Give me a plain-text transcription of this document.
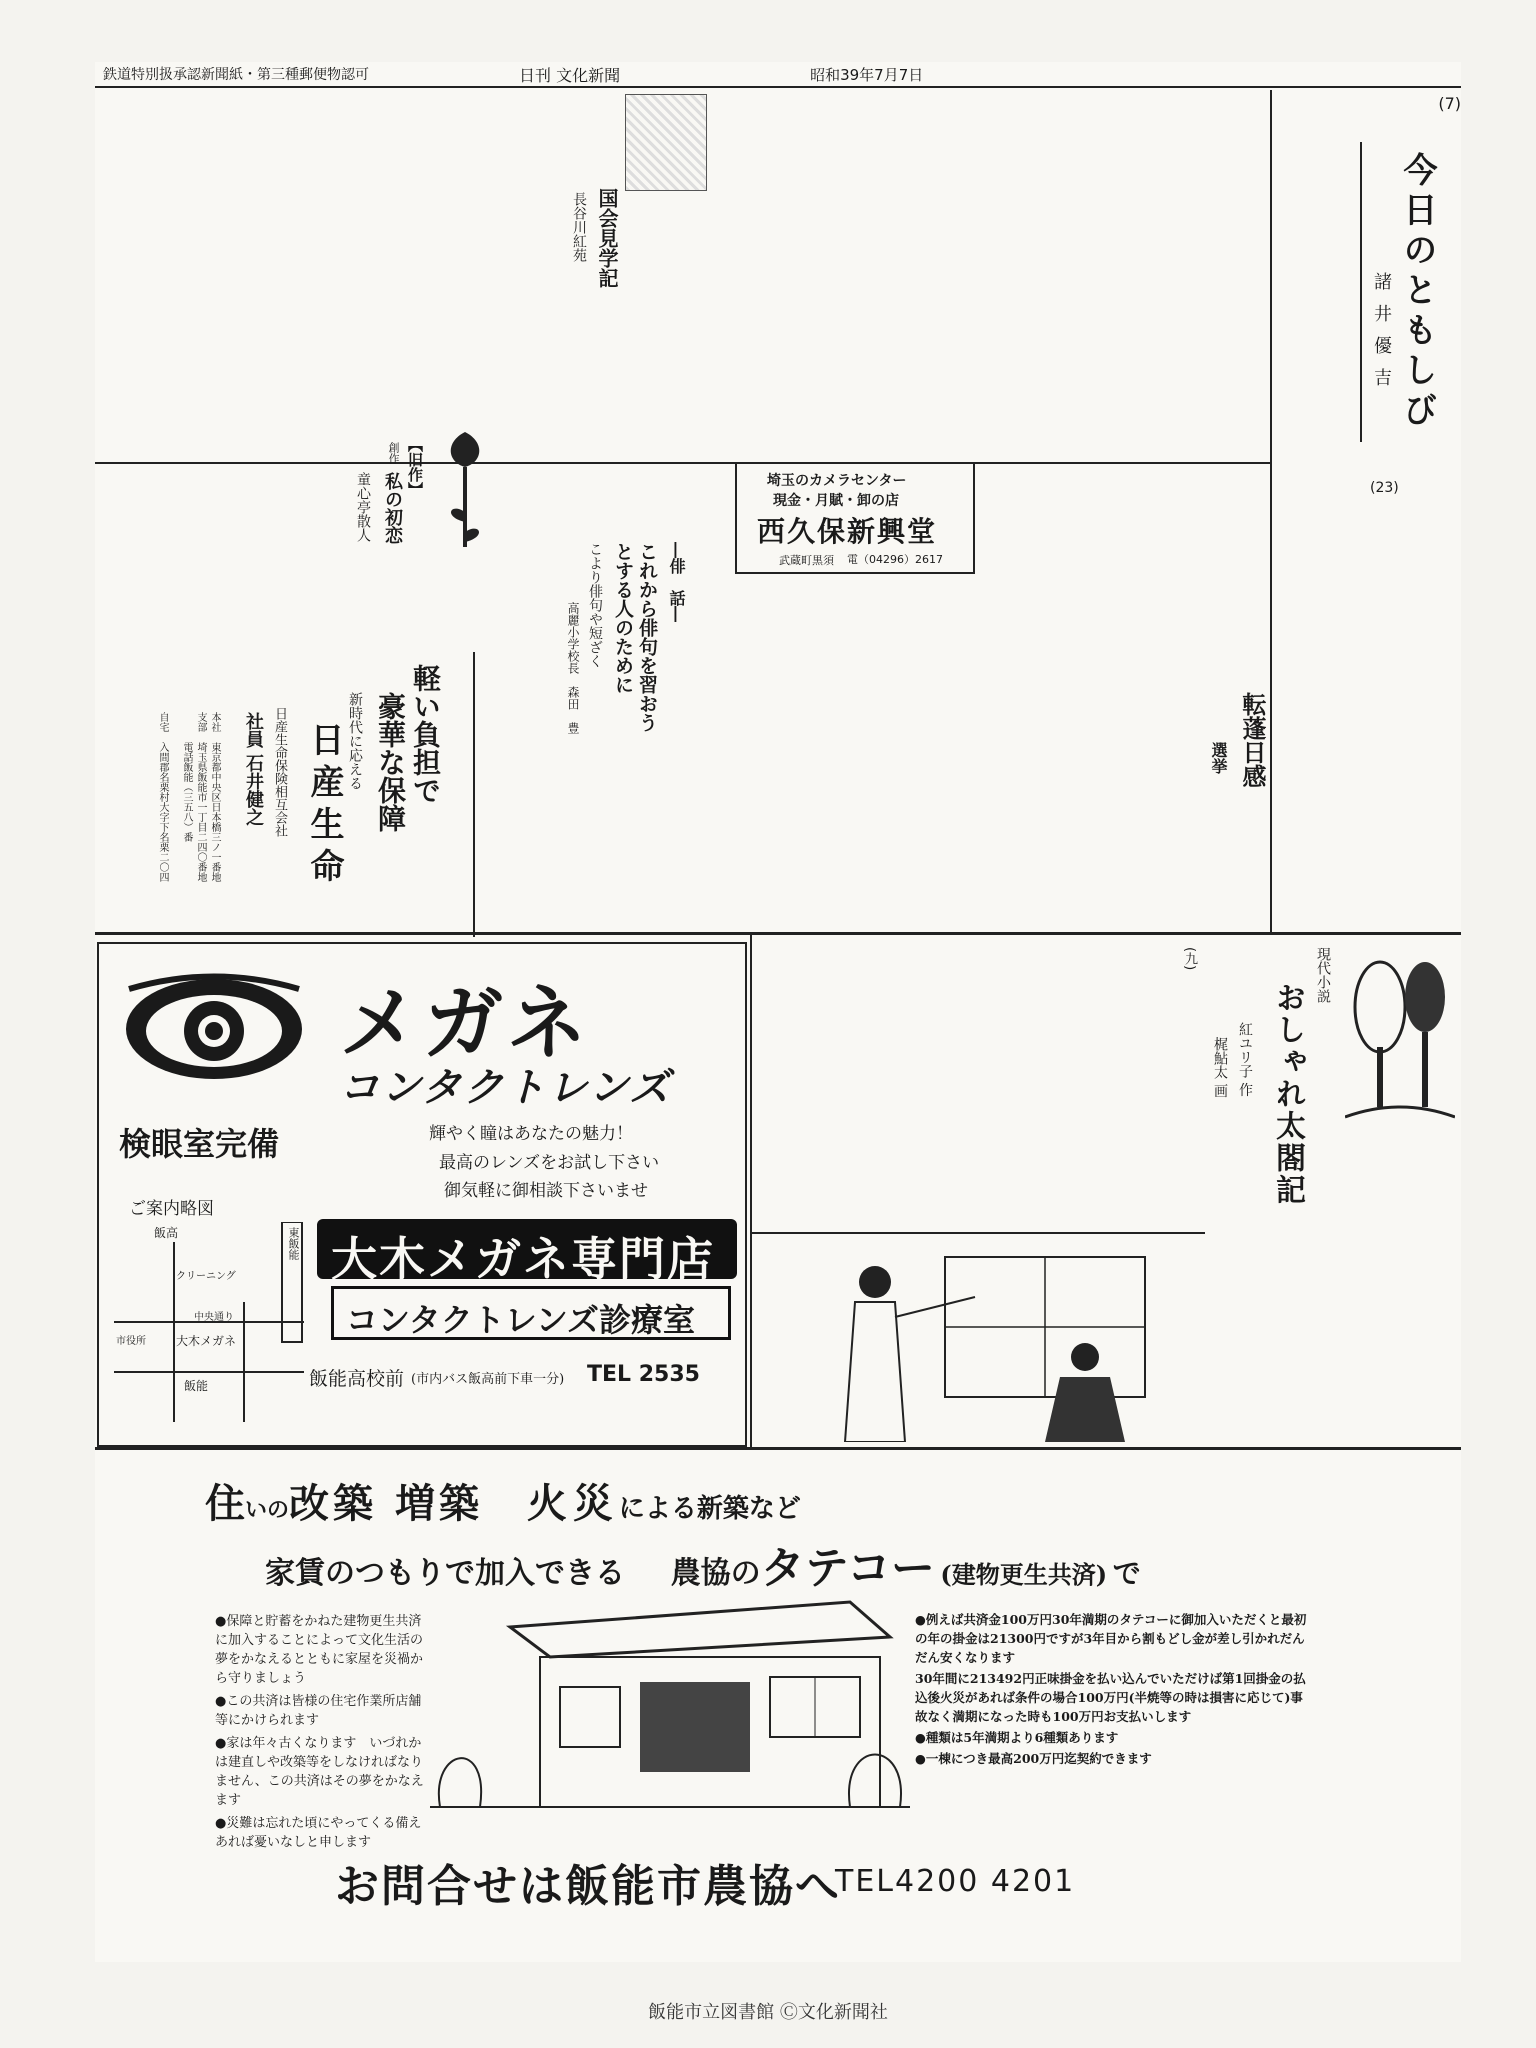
鉄道特別扱承認新聞紙・第三種郵便物認可	日刊 文化新聞	昭和39年7月7日
(7)
今日のともしび
諸井優吉
(23)
国会見学記
長谷川紅苑
【旧作】
創作
私の初恋
童心亭散人
―俳　話―
これから俳句を習おうとする人のために
こより俳句や短ざく
高麗小学校長　森田　豊
埼玉のカメラセンター
現金・月賦・卸の店
西久保新興堂
武蔵町黒須 電（04296）2617
軽い負担で
豪華な保障
新時代に応える
日産生命
日産生命保険相互会社
社員 石井健之
本社　東京都中央区日本橋三ノ一番地
支部　埼玉県飯能市一丁目二四〇番地
　　　電話飯能（三五八）番
自宅　入間郡名栗村大字下名栗二〇四	転蓬日感
選挙
メガネ
コンタクトレンズ
検眼室完備	輝やく瞳はあなたの魅力！
最高のレンズをお試し下さい
御気軽に御相談下さいませ
ご案内略図
飯高
クリーニング
中央通り
市役所	大木メガネ
飯能
東飯能 大木メガネ専門店
コンタクトレンズ診療室
飯能高校前 (市内バス飯高前下車一分) TEL 2535
現代小説
おしゃれ太閤記
紅ユリ子 作
梶鮎太 画
(九)
住いの改築 増築 火災による新築など
家賃のつもりで加入できる 農協のタテコー (建物更生共済) で
●保障と貯蓄をかねた建物更生共済に加入することによって文化生活の夢をかなえるとともに家屋を災禍から守りましょう
●この共済は皆様の住宅作業所店舗等にかけられます
●家は年々古くなります　いづれかは建直しや改築等をしなければなりません、この共済はその夢をかなえます
●災難は忘れた頃にやってくる備えあれば憂いなしと申します
●例えば共済金100万円30年満期のタテコーに御加入いただくと最初の年の掛金は21300円ですが3年目から割もどし金が差し引かれだんだん安くなります
30年間に213492円正味掛金を払い込んでいただけば第1回掛金の払込後火災があれば条件の場合100万円(半焼等の時は損害に応じて)事故なく満期になった時も100万円お支払いします
●種類は5年満期より6種類あります
●一棟につき最高200万円迄契約できます
お問合せは飯能市農協へ
TEL4200 4201
飯能市立図書館 Ⓒ文化新聞社
